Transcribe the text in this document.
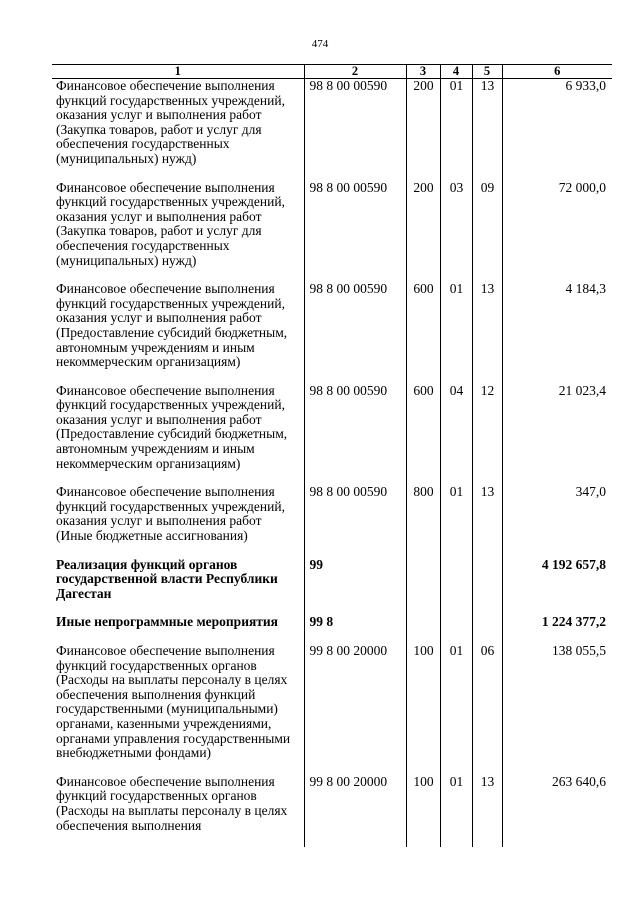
474
1	2	3	4	5	6
Финансовое обеспечение выполнения функций государственных учреждений, оказания услуг и выполнения работ (Закупка товаров, работ и услуг для обеспечения государственных (муниципальных) нужд)	98 8 00 00590	200	01	13	6 933,0
Финансовое обеспечение выполнения функций государственных учреждений, оказания услуг и выполнения работ (Закупка товаров, работ и услуг для обеспечения государственных (муниципальных) нужд)	98 8 00 00590	200	03	09	72 000,0
Финансовое обеспечение выполнения функций государственных учреждений, оказания услуг и выполнения работ (Предоставление субсидий бюджетным, автономным учреждениям и иным некоммерческим организациям)	98 8 00 00590	600	01	13	4 184,3
Финансовое обеспечение выполнения функций государственных учреждений, оказания услуг и выполнения работ (Предоставление субсидий бюджетным, автономным учреждениям и иным некоммерческим организациям)	98 8 00 00590	600	04	12	21 023,4
Финансовое обеспечение выполнения функций государственных учреждений, оказания услуг и выполнения работ (Иные бюджетные ассигнования)	98 8 00 00590	800	01	13	347,0
Реализация функций органов государственной власти Республики Дагестан	99				4 192 657,8
Иные непрограммные мероприятия	99 8				1 224 377,2
Финансовое обеспечение выполнения функций государственных органов (Расходы на выплаты персоналу в целях обеспечения выполнения функций государственными (муниципальными) органами, казенными учреждениями, органами управления государственными внебюджетными фондами)	99 8 00 20000	100	01	06	138 055,5
Финансовое обеспечение выполнения функций государственных органов (Расходы на выплаты персоналу в целях обеспечения выполнения	99 8 00 20000	100	01	13	263 640,6
